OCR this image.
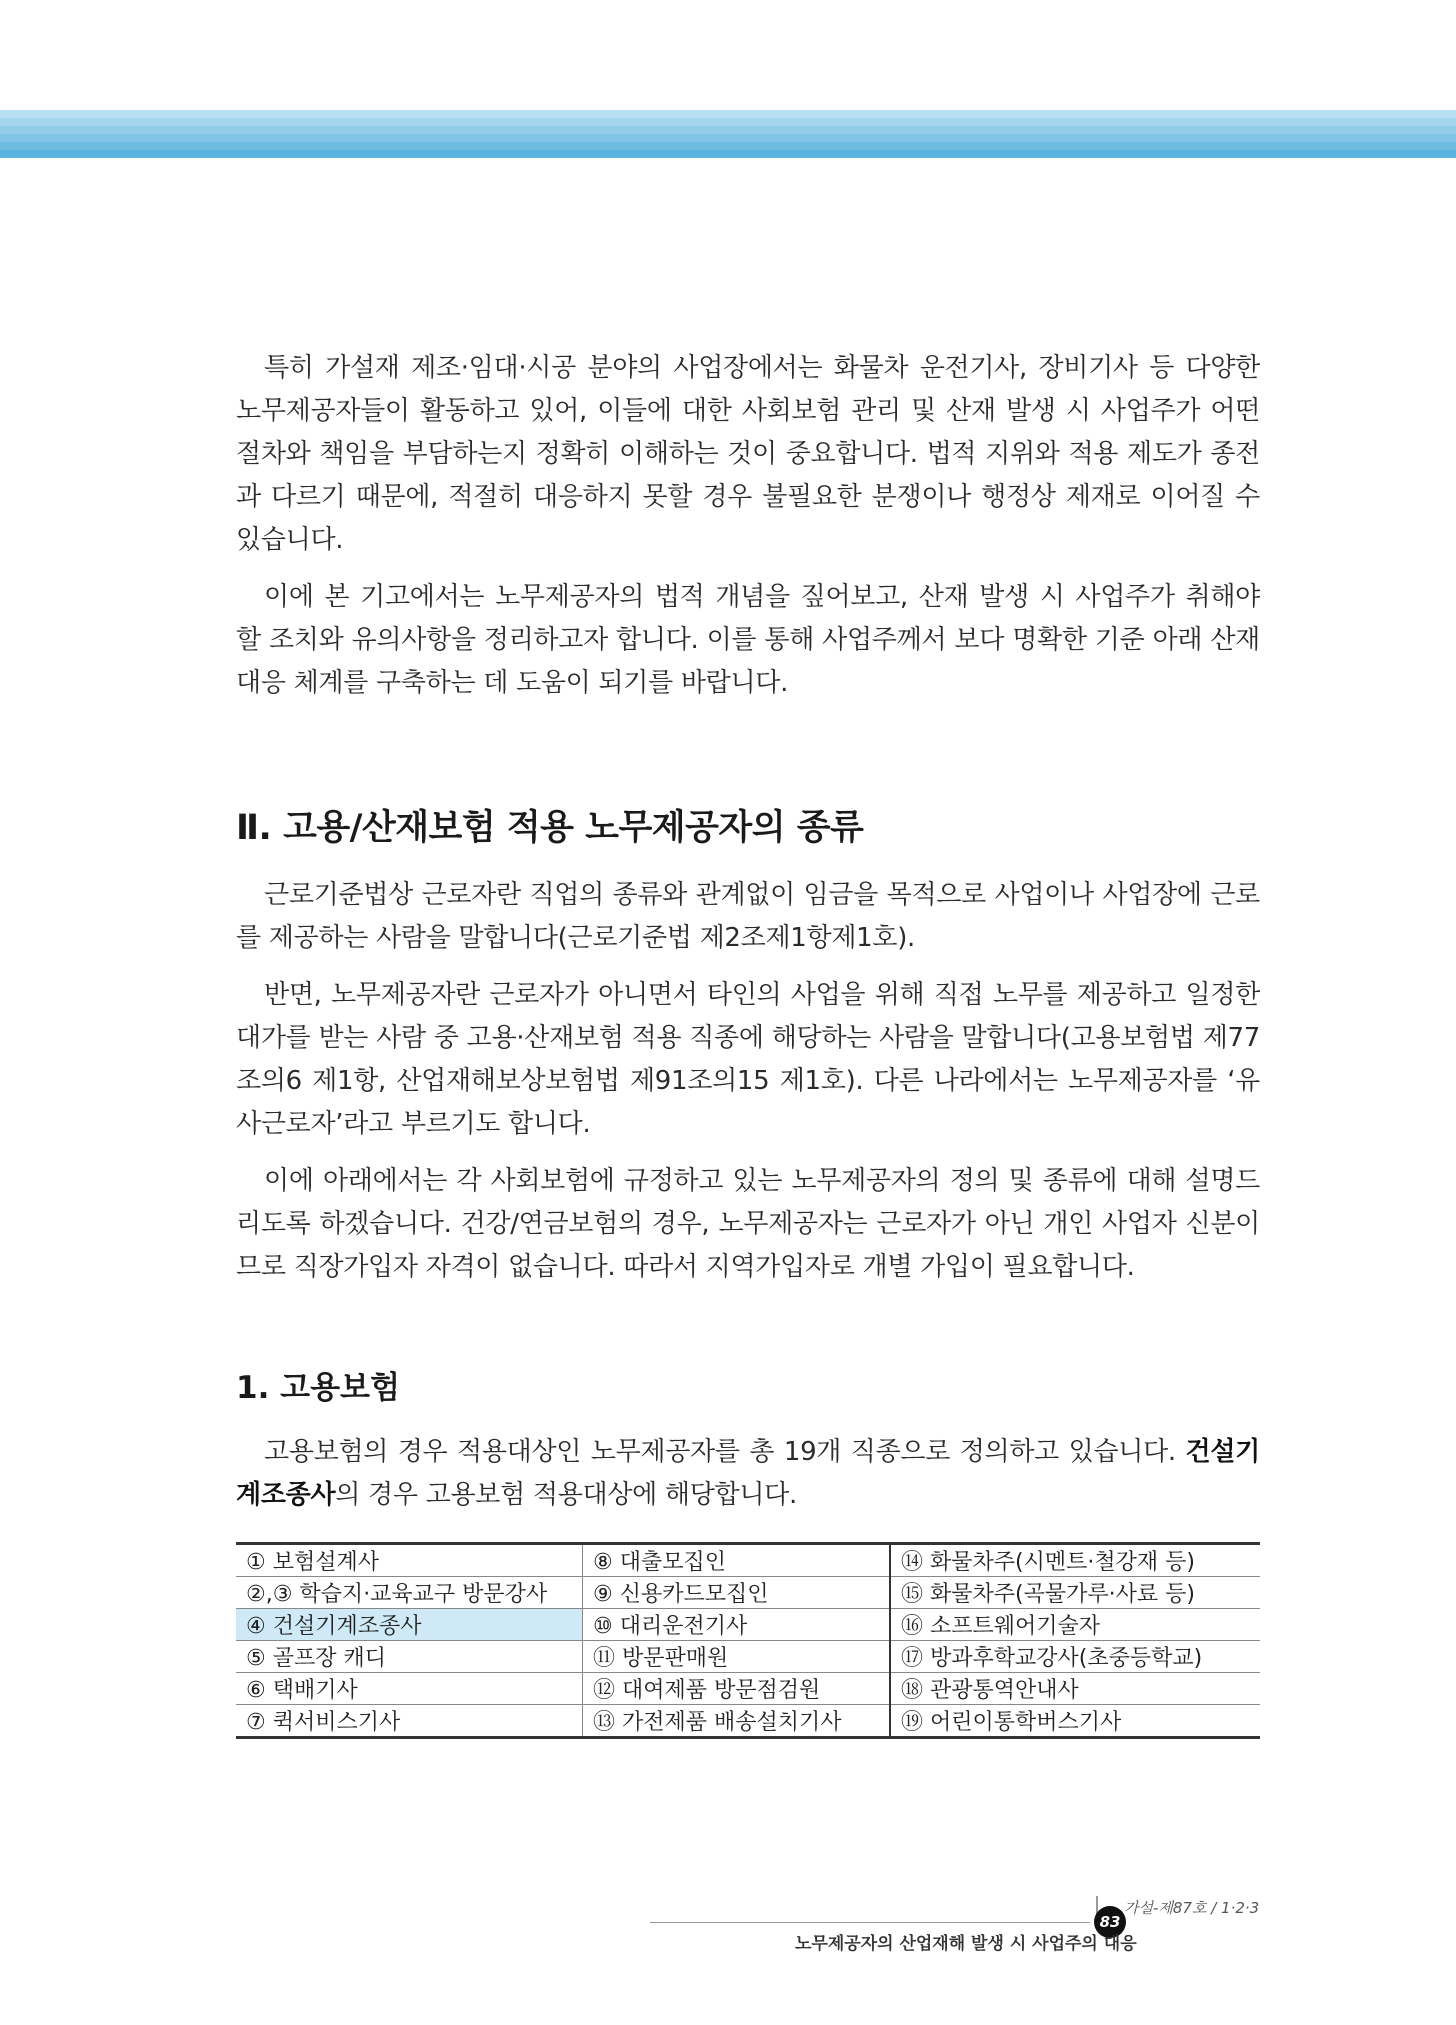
특히 가설재 제조·임대·시공 분야의 사업장에서는 화물차 운전기사, 장비기사 등 다양한 노무제공자들이 활동하고 있어, 이들에 대한 사회보험 관리 및 산재 발생 시 사업주가 어떤 절차와 책임을 부담하는지 정확히 이해하는 것이 중요합니다. 법적 지위와 적용 제도가 종전과 다르기 때문에, 적절히 대응하지 못할 경우 불필요한 분쟁이나 행정상 제재로 이어질 수 있습니다.

이에 본 기고에서는 노무제공자의 법적 개념을 짚어보고, 산재 발생 시 사업주가 취해야 할 조치와 유의사항을 정리하고자 합니다. 이를 통해 사업주께서 보다 명확한 기준 아래 산재 대응 체계를 구축하는 데 도움이 되기를 바랍니다.

Ⅱ. 고용/산재보험 적용 노무제공자의 종류

근로기준법상 근로자란 직업의 종류와 관계없이 임금을 목적으로 사업이나 사업장에 근로를 제공하는 사람을 말합니다(근로기준법 제2조제1항제1호).

반면, 노무제공자란 근로자가 아니면서 타인의 사업을 위해 직접 노무를 제공하고 일정한 대가를 받는 사람 중 고용·산재보험 적용 직종에 해당하는 사람을 말합니다(고용보험법 제77조의6 제1항, 산업재해보상보험법 제91조의15 제1호). 다른 나라에서는 노무제공자를 ‘유사근로자’라고 부르기도 합니다.

이에 아래에서는 각 사회보험에 규정하고 있는 노무제공자의 정의 및 종류에 대해 설명드리도록 하겠습니다. 건강/연금보험의 경우, 노무제공자는 근로자가 아닌 개인 사업자 신분이므로 직장가입자 자격이 없습니다. 따라서 지역가입자로 개별 가입이 필요합니다.

1. 고용보험

고용보험의 경우 적용대상인 노무제공자를 총 19개 직종으로 정의하고 있습니다. 건설기계조종사의 경우 고용보험 적용대상에 해당합니다.

① 보험설계사	⑧ 대출모집인	⑭ 화물차주(시멘트·철강재 등)
②,③ 학습지·교육교구 방문강사	⑨ 신용카드모집인	⑮ 화물차주(곡물가루·사료 등)
④ 건설기계조종사	⑩ 대리운전기사	⑯ 소프트웨어기술자
⑤ 골프장 캐디	⑪ 방문판매원	⑰ 방과후학교강사(초중등학교)
⑥ 택배기사	⑫ 대여제품 방문점검원	⑱ 관광통역안내사
⑦ 퀵서비스기사	⑬ 가전제품 배송설치기사	⑲ 어린이통학버스기사
가설-제87호 / 1·2·3
83
노무제공자의 산업재해 발생 시 사업주의 대응
